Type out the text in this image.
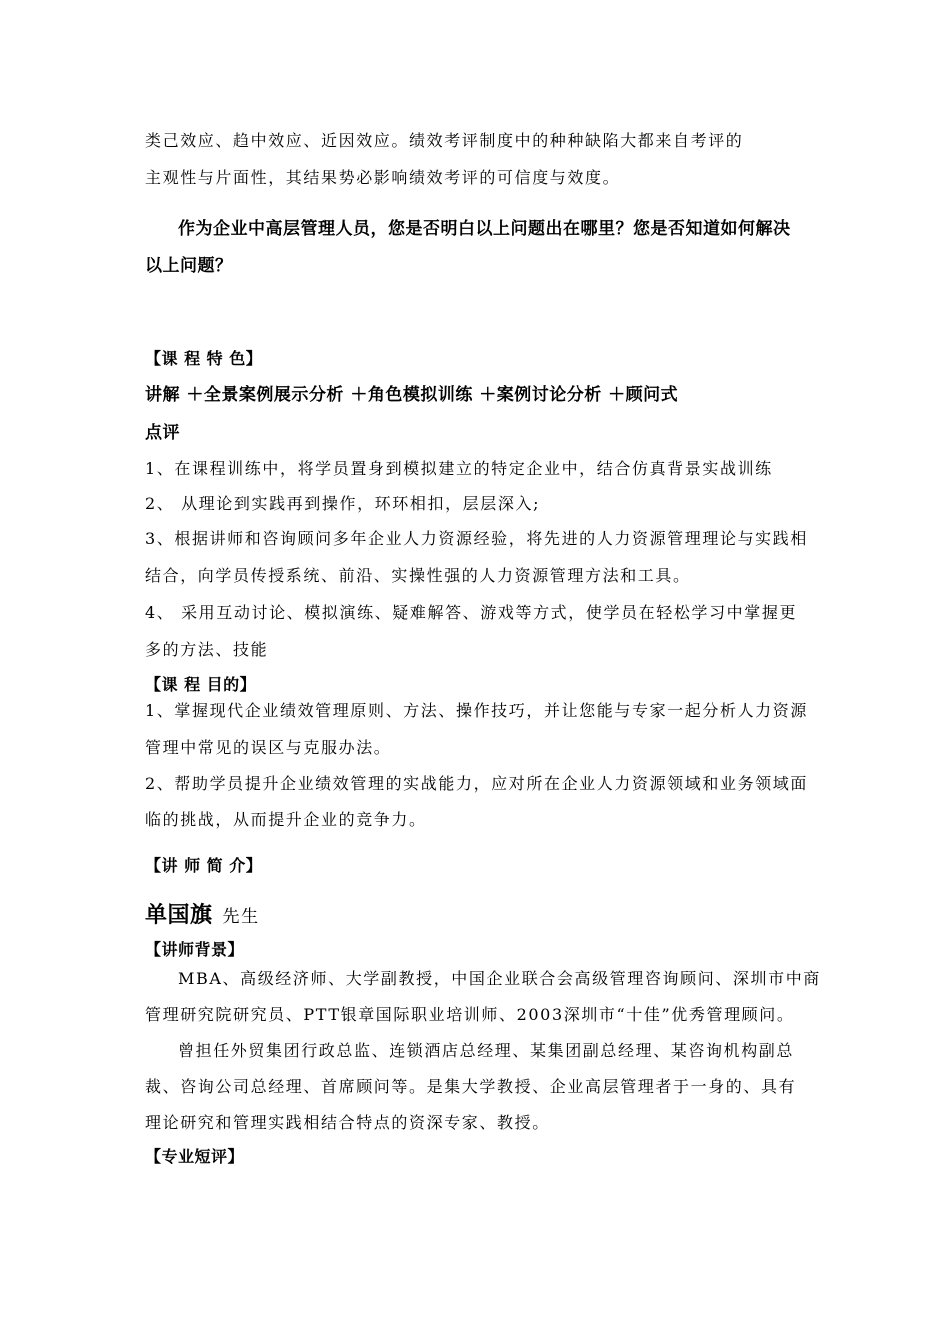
类己效应、趋中效应、近因效应。绩效考评制度中的种种缺陷大都来自考评的
主观性与片面性，其结果势必影响绩效考评的可信度与效度。
作为企业中高层管理人员，您是否明白以上问题出在哪里？您是否知道如何解决
以上问题？
【课 程 特 色】
讲解 ＋全景案例展示分析 ＋角色模拟训练 ＋案例讨论分析 ＋顾问式
点评
1、在课程训练中，将学员置身到模拟建立的特定企业中，结合仿真背景实战训练
2、 从理论到实践再到操作，环环相扣，层层深入;
3、根据讲师和咨询顾问多年企业人力资源经验，将先进的人力资源管理理论与实践相
结合，向学员传授系统、前沿、实操性强的人力资源管理方法和工具。
4、 采用互动讨论、模拟演练、疑难解答、游戏等方式，使学员在轻松学习中掌握更
多的方法、技能
【课 程 目的】
1、掌握现代企业绩效管理原则、方法、操作技巧，并让您能与专家一起分析人力资源
管理中常见的误区与克服办法。
2、帮助学员提升企业绩效管理的实战能力，应对所在企业人力资源领域和业务领域面
临的挑战，从而提升企业的竞争力。
【讲 师 简 介】
单国旗 先生
【讲师背景】
MBA、高级经济师、大学副教授，中国企业联合会高级管理咨询顾问、深圳市中商
管理研究院研究员、PTT银章国际职业培训师、2003深圳市“十佳”优秀管理顾问。
曾担任外贸集团行政总监、连锁酒店总经理、某集团副总经理、某咨询机构副总
裁、咨询公司总经理、首席顾问等。是集大学教授、企业高层管理者于一身的、具有
理论研究和管理实践相结合特点的资深专家、教授。
【专业短评】
